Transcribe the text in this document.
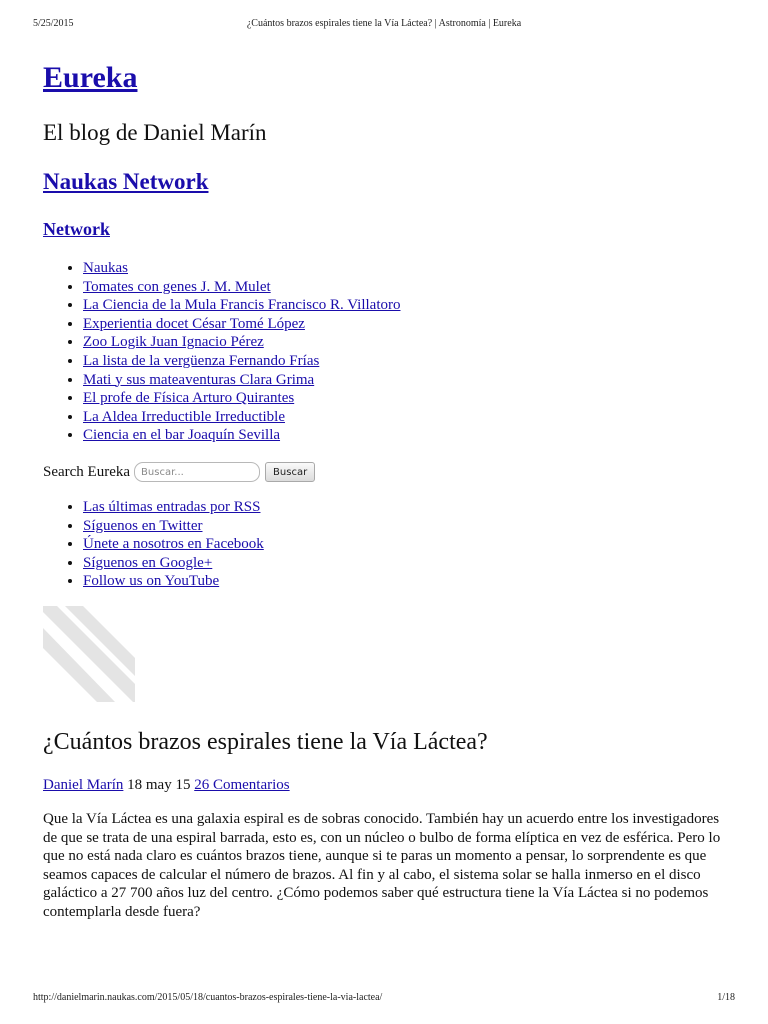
5/25/2015	¿Cuántos brazos espirales tiene la Vía Láctea? | Astronomía | Eureka
Eureka
El blog de Daniel Marín
Naukas Network
Network
• Naukas
• Tomates con genes J. M. Mulet
• La Ciencia de la Mula Francis Francisco R. Villatoro
• Experientia docet César Tomé López
• Zoo Logik Juan Ignacio Pérez
• La lista de la vergüenza Fernando Frías
• Mati y sus mateaventuras Clara Grima
• El profe de Física Arturo Quirantes
• La Aldea Irreductible Irreductible
• Ciencia en el bar Joaquín Sevilla
Search Eureka
Buscar...	Buscar
• Las últimas entradas por RSS
• Síguenos en Twitter
• Únete a nosotros en Facebook
• Síguenos en Google+
• Follow us on YouTube
¿Cuántos brazos espirales tiene la Vía Láctea?
Daniel Marín 18 may 15 26 Comentarios

Que la Vía Láctea es una galaxia espiral es de sobras conocido. También hay un acuerdo entre los investigadores de que se trata de una espiral barrada, esto es, con un núcleo o bulbo de forma elíptica en vez de esférica. Pero lo que no está nada claro es cuántos brazos tiene, aunque si te paras un momento a pensar, lo sorprendente es que seamos capaces de calcular el número de brazos. Al fin y al cabo, el sistema solar se halla inmerso en el disco galáctico a 27 700 años luz del centro. ¿Cómo podemos saber qué estructura tiene la Vía Láctea si no podemos contemplarla desde fuera?

http://danielmarin.naukas.com/2015/05/18/cuantos-brazos-espirales-tiene-la-via-lactea/	1/18
